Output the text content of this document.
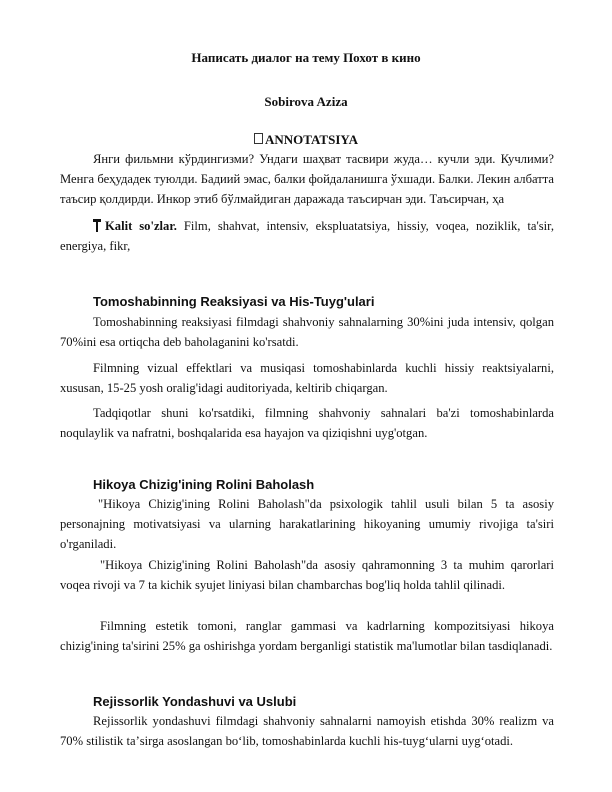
Написать диалог на тему Похот в кино
Sobirova Aziza
ANNOTATSIYA

Янги фильмни кўрдингизми? Ундаги шаҳват тасвири жуда… кучли эди. Кучлими? Менга беҳудадек туюлди. Бадиий эмас, балки фойдаланишга ўхшади. Балки. Лекин албатта таъсир қолдирди. Инкор этиб бўлмайдиган даражада таъсирчан эди. Таъсирчан, ҳа

Kalit so'zlar. Film, shahvat, intensiv, ekspluatatsiya, hissiy, voqea, noziklik, ta'sir, energiya, fikr,

Tomoshabinning Reaksiyasi va His-Tuyg'ulari

Tomoshabinning reaksiyasi filmdagi shahvoniy sahnalarning 30%ini juda intensiv, qolgan 70%ini esa ortiqcha deb baholaganini ko'rsatdi.

Filmning vizual effektlari va musiqasi tomoshabinlarda kuchli hissiy reaktsiyalarni, xususan, 15-25 yosh oralig'idagi auditoriyada, keltirib chiqargan.

Tadqiqotlar shuni ko'rsatdiki, filmning shahvoniy sahnalari ba'zi tomoshabinlarda noqulaylik va nafratni, boshqalarida esa hayajon va qiziqishni uyg'otgan.

Hikoya Chizig'ining Rolini Baholash

"Hikoya Chizig'ining Rolini Baholash"da psixologik tahlil usuli bilan 5 ta asosiy personajning motivatsiyasi va ularning harakatlarining hikoyaning umumiy rivojiga ta'siri o'rganiladi.

"Hikoya Chizig'ining Rolini Baholash"da asosiy qahramonning 3 ta muhim qarorlari voqea rivoji va 7 ta kichik syujet liniyasi bilan chambarchas bog'liq holda tahlil qilinadi.

Filmning estetik tomoni, ranglar gammasi va kadrlarning kompozitsiyasi hikoya chizig'ining ta'sirini 25% ga oshirishga yordam berganligi statistik ma'lumotlar bilan tasdiqlanadi.

Rejissorlik Yondashuvi va Uslubi

Rejissorlik yondashuvi filmdagi shahvoniy sahnalarni namoyish etishda 30% realizm va 70% stilistik taʼsirga asoslangan boʻlib, tomoshabinlarda kuchli his-tuygʻularni uygʻotadi.
